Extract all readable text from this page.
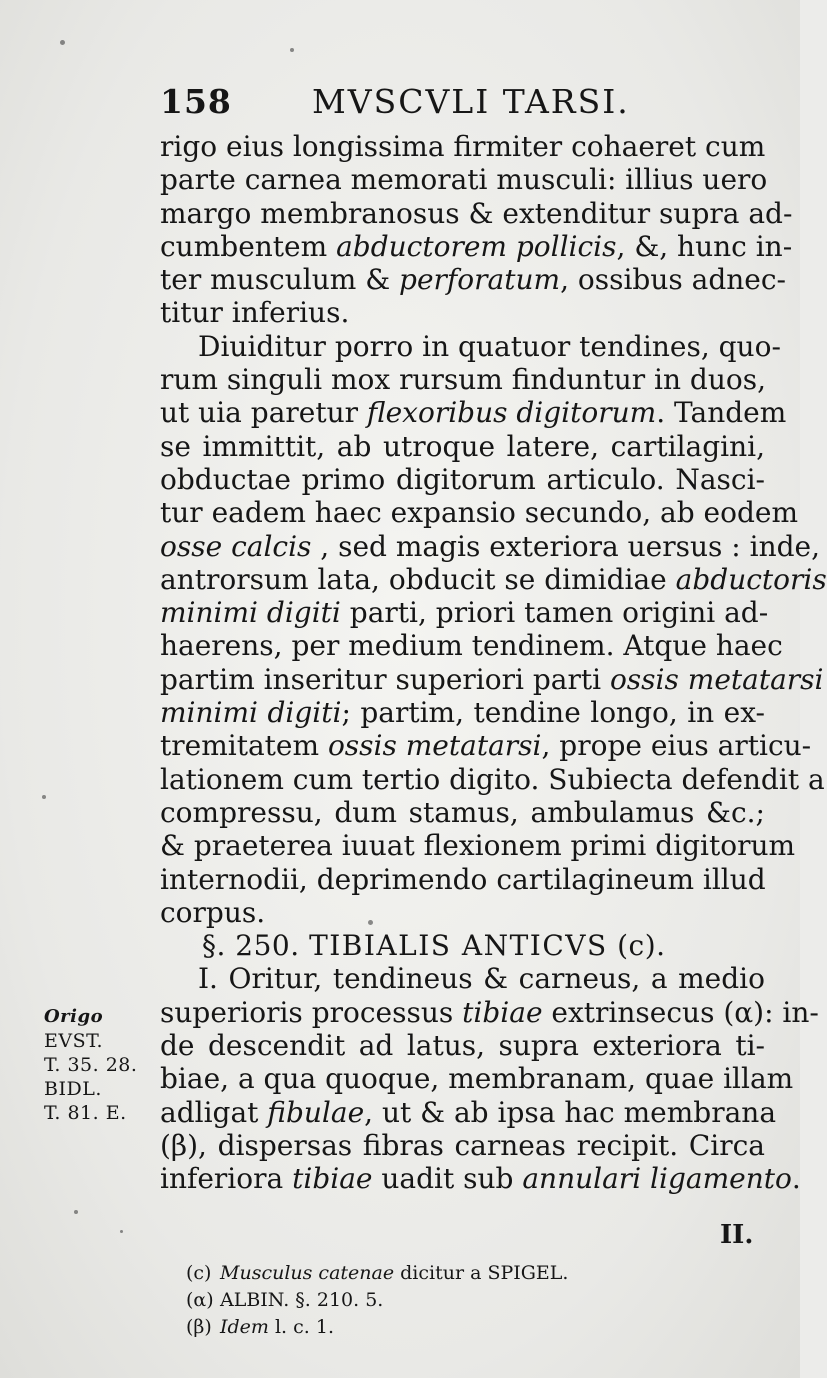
158 MVSCVLI TARSI.
rigo eius longissima firmiter cohaeret cum
parte carnea memorati musculi: illius uero
margo membranosus & extenditur supra ad-
cumbentem abductorem pollicis, &, hunc in-
ter musculum & perforatum, ossibus adnec-
titur inferius.
Diuiditur porro in quatuor tendines, quo-
rum singuli mox rursum finduntur in duos,
ut uia paretur flexoribus digitorum. Tandem
se immittit, ab utroque latere, cartilagini,
obductae primo digitorum articulo. Nasci-
tur eadem haec expansio secundo, ab eodem
osse calcis , sed magis exteriora uersus : inde,
antrorsum lata, obducit se dimidiae abductoris
minimi digiti parti, priori tamen origini ad-
haerens, per medium tendinem. Atque haec
partim inseritur superiori parti ossis metatarsi
minimi digiti; partim, tendine longo, in ex-
tremitatem ossis metatarsi, prope eius articu-
lationem cum tertio digito. Subiecta defendit a
compressu, dum stamus, ambulamus &c.;
& praeterea iuuat flexionem primi digitorum
internodii, deprimendo cartilagineum illud
corpus.
§. 250. TIBIALIS ANTICVS (c).
I. Oritur, tendineus & carneus, a medio
superioris processus tibiae extrinsecus (α): in-
de descendit ad latus, supra exteriora ti-
biae, a qua quoque, membranam, quae illam
adligat fibulae, ut & ab ipsa hac membrana
(β), dispersas fibras carneas recipit. Circa
inferiora tibiae uadit sub annulari ligamento.
Origo
EVST.
T. 35. 28.
BIDL.
T. 81. E.
II.
(c) Musculus catenae dicitur a SPIGEL.
(α) ALBIN. §. 210. 5.
(β) Idem l. c. 1.
